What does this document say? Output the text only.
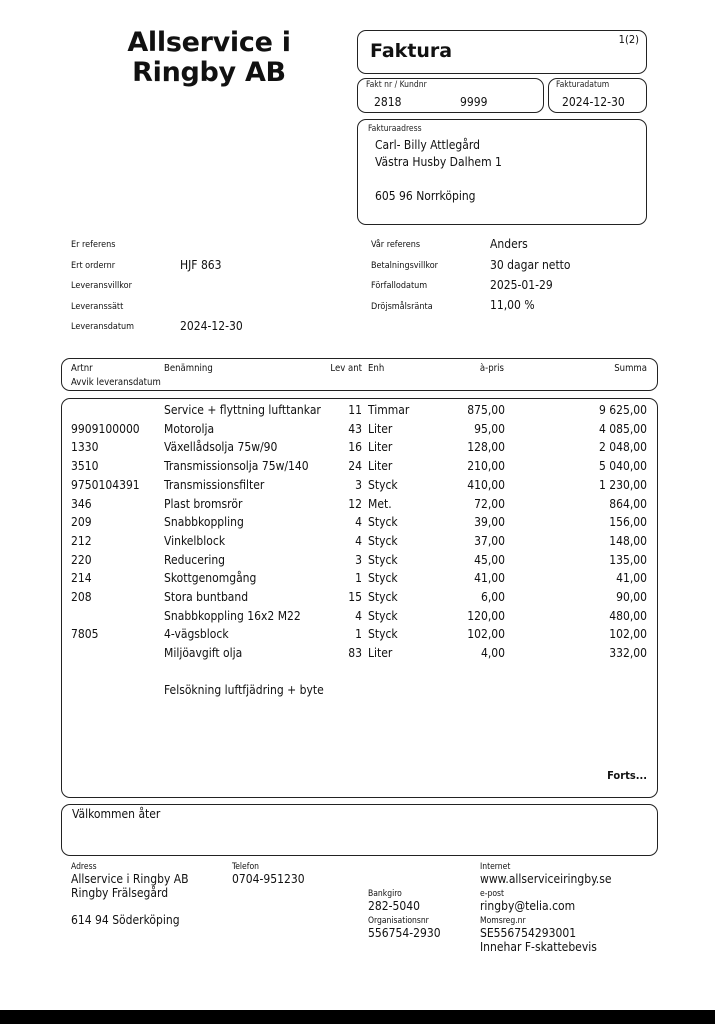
Allservice i Ringby AB
Faktura
1(2)
Fakt nr / Kundnr
2818	9999
Fakturadatum
2024-12-30
Fakturaadress
Carl- Billy Attlegård
Västra Husby Dalhem 1
605 96 Norrköping
Er referens
Ert ordernr	HJF 863
Leveransvillkor
Leveranssätt
Leveransdatum	2024-12-30
Vår referens	Anders
Betalningsvillkor	30 dagar netto
Förfallodatum	2025-01-29
Dröjsmålsränta	11,00 %
Artnr	Benämning	Lev ant Enh	à-pris	Summa
Avvik leveransdatum
Service + flyttning lufttankar 11 Timmar	875,00	9 625,00
9909100000 Motorolja	43 Liter	95,00	4 085,00
1330	Växellådsolja 75w/90	16 Liter	128,00	2 048,00
3510	Transmissionsolja 75w/140	24 Liter	210,00	5 040,00
9750104391 Transmissionsfilter	3 Styck	410,00	1 230,00
346	Plast bromsrör	12 Met.	72,00	864,00
209	Snabbkoppling	4 Styck	39,00	156,00
212	Vinkelblock	4 Styck	37,00	148,00
220	Reducering	3 Styck	45,00	135,00
214	Skottgenomgång	1 Styck	41,00	41,00
208	Stora buntband	15 Styck	6,00	90,00
Snabbkoppling 16x2 M22	4 Styck	120,00	480,00
7805	4-vägsblock	1 Styck	102,00	102,00
Miljöavgift olja	83 Liter	4,00	332,00
Felsökning luftfjädring + byte
Forts...
Välkommen åter
Adress
Allservice i Ringby AB
Ringby Frälsegård
614 94 Söderköping
Telefon
0704-951230
Bankgiro
282-5040
Organisationsnr
556754-2930
Internet
www.allserviceiringby.se
e-post
ringby@telia.com
Momsreg.nr
SE556754293001
Innehar F-skattebevis
